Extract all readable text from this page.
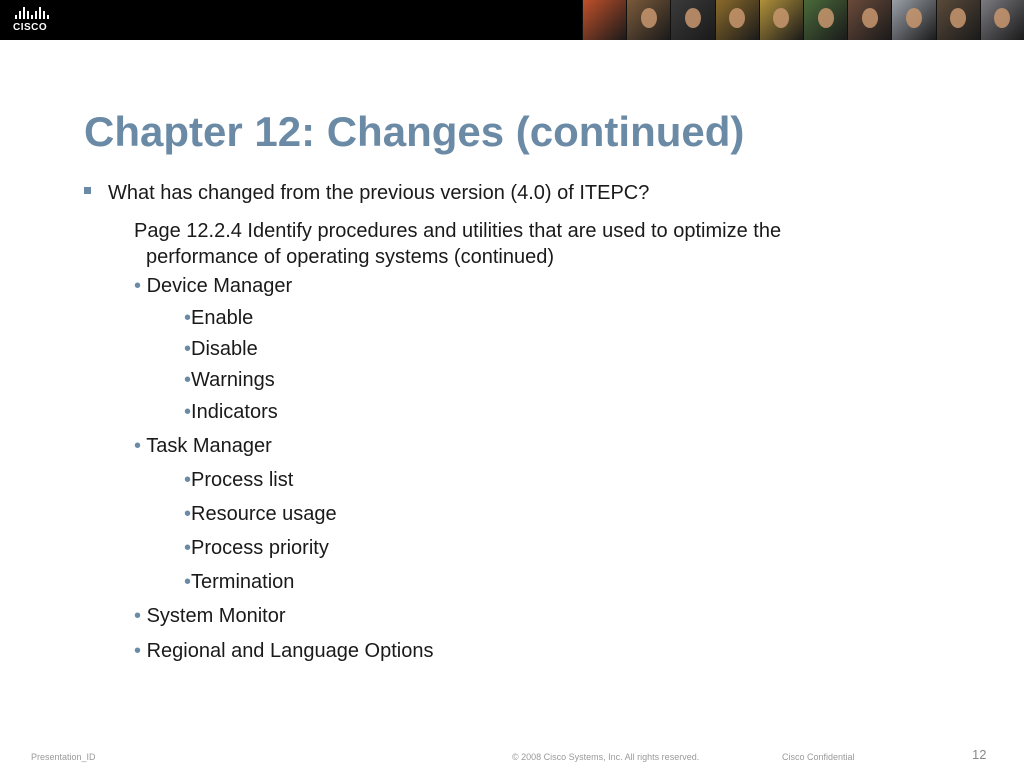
CISCO
Chapter 12: Changes (continued)
What has changed from the previous version (4.0) of ITEPC?
Page 12.2.4 Identify procedures and utilities that are used to optimize the
performance of operating systems (continued)
• Device Manager
•Enable
•Disable
•Warnings
•Indicators
• Task Manager
•Process list
•Resource usage
•Process priority
•Termination
• System Monitor
• Regional and Language Options
Presentation_ID	© 2008 Cisco Systems, Inc. All rights reserved.	Cisco Confidential	12
